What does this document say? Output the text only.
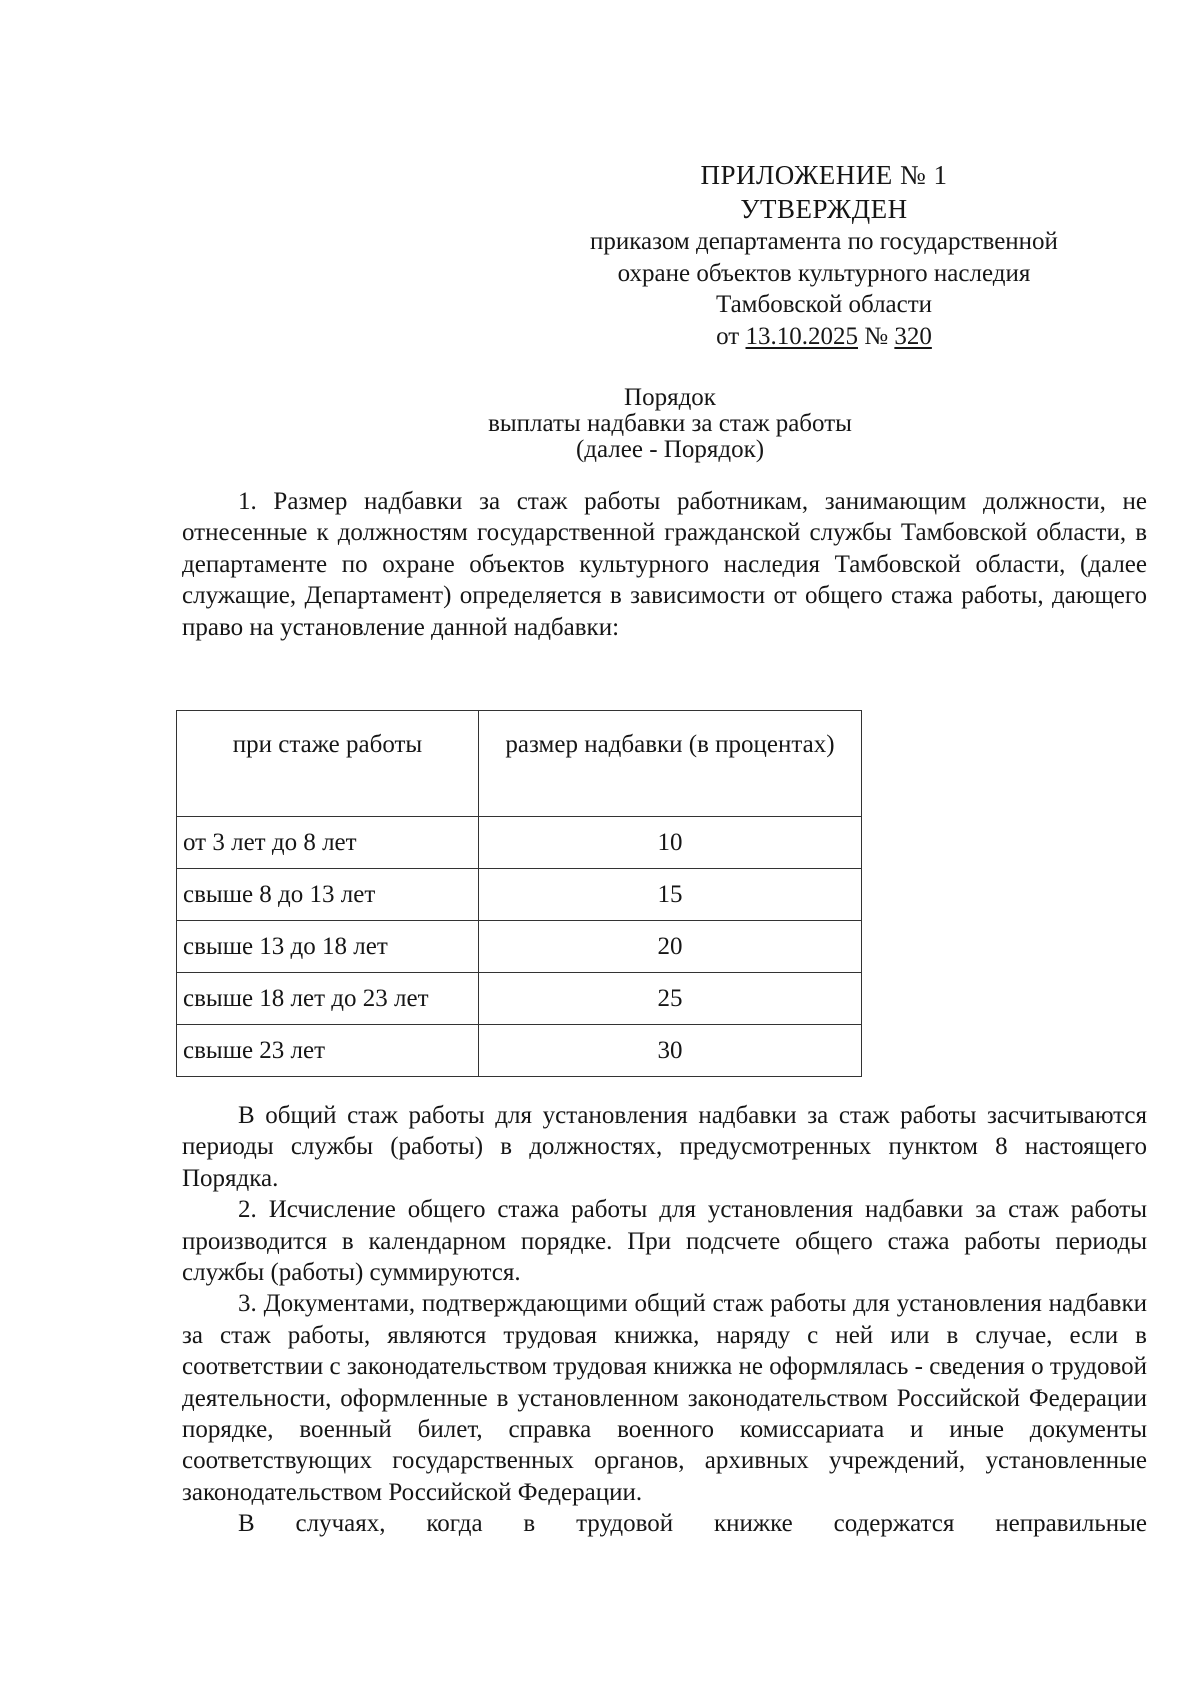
ПРИЛОЖЕНИЕ № 1
УТВЕРЖДЕН
приказом департамента по государственной
охране объектов культурного наследия
Тамбовской области
от 13.10.2025 № 320
Порядок
выплаты надбавки за стаж работы
(далее - Порядок)

1. Размер надбавки за стаж работы работникам, занимающим должности, не отнесенные к должностям государственной гражданской службы Тамбовской области, в департаменте по охране объектов культурного наследия Тамбовской области, (далее служащие, Департамент) определяется в зависимости от общего стажа работы, дающего право на установление данной надбавки:

при стаже работы	размер надбавки (в процентах)
от 3 лет до 8 лет	10
свыше 8 до 13 лет	15
свыше 13 до 18 лет	20
свыше 18 лет до 23 лет	25
свыше 23 лет	30

В общий стаж работы для установления надбавки за стаж работы засчитываются периоды службы (работы) в должностях, предусмотренных пунктом 8 настоящего Порядка.

2. Исчисление общего стажа работы для установления надбавки за стаж работы производится в календарном порядке. При подсчете общего стажа работы периоды службы (работы) суммируются.

3. Документами, подтверждающими общий стаж работы для установления надбавки за стаж работы, являются трудовая книжка, наряду с ней или в случае, если в соответствии с законодательством трудовая книжка не оформлялась - сведения о трудовой деятельности, оформленные в установленном законодательством Российской Федерации порядке, военный билет, справка военного комиссариата и иные документы соответствующих государственных органов, архивных учреждений, установленные законодательством Российской Федерации.

В случаях, когда в трудовой книжке содержатся неправильные
